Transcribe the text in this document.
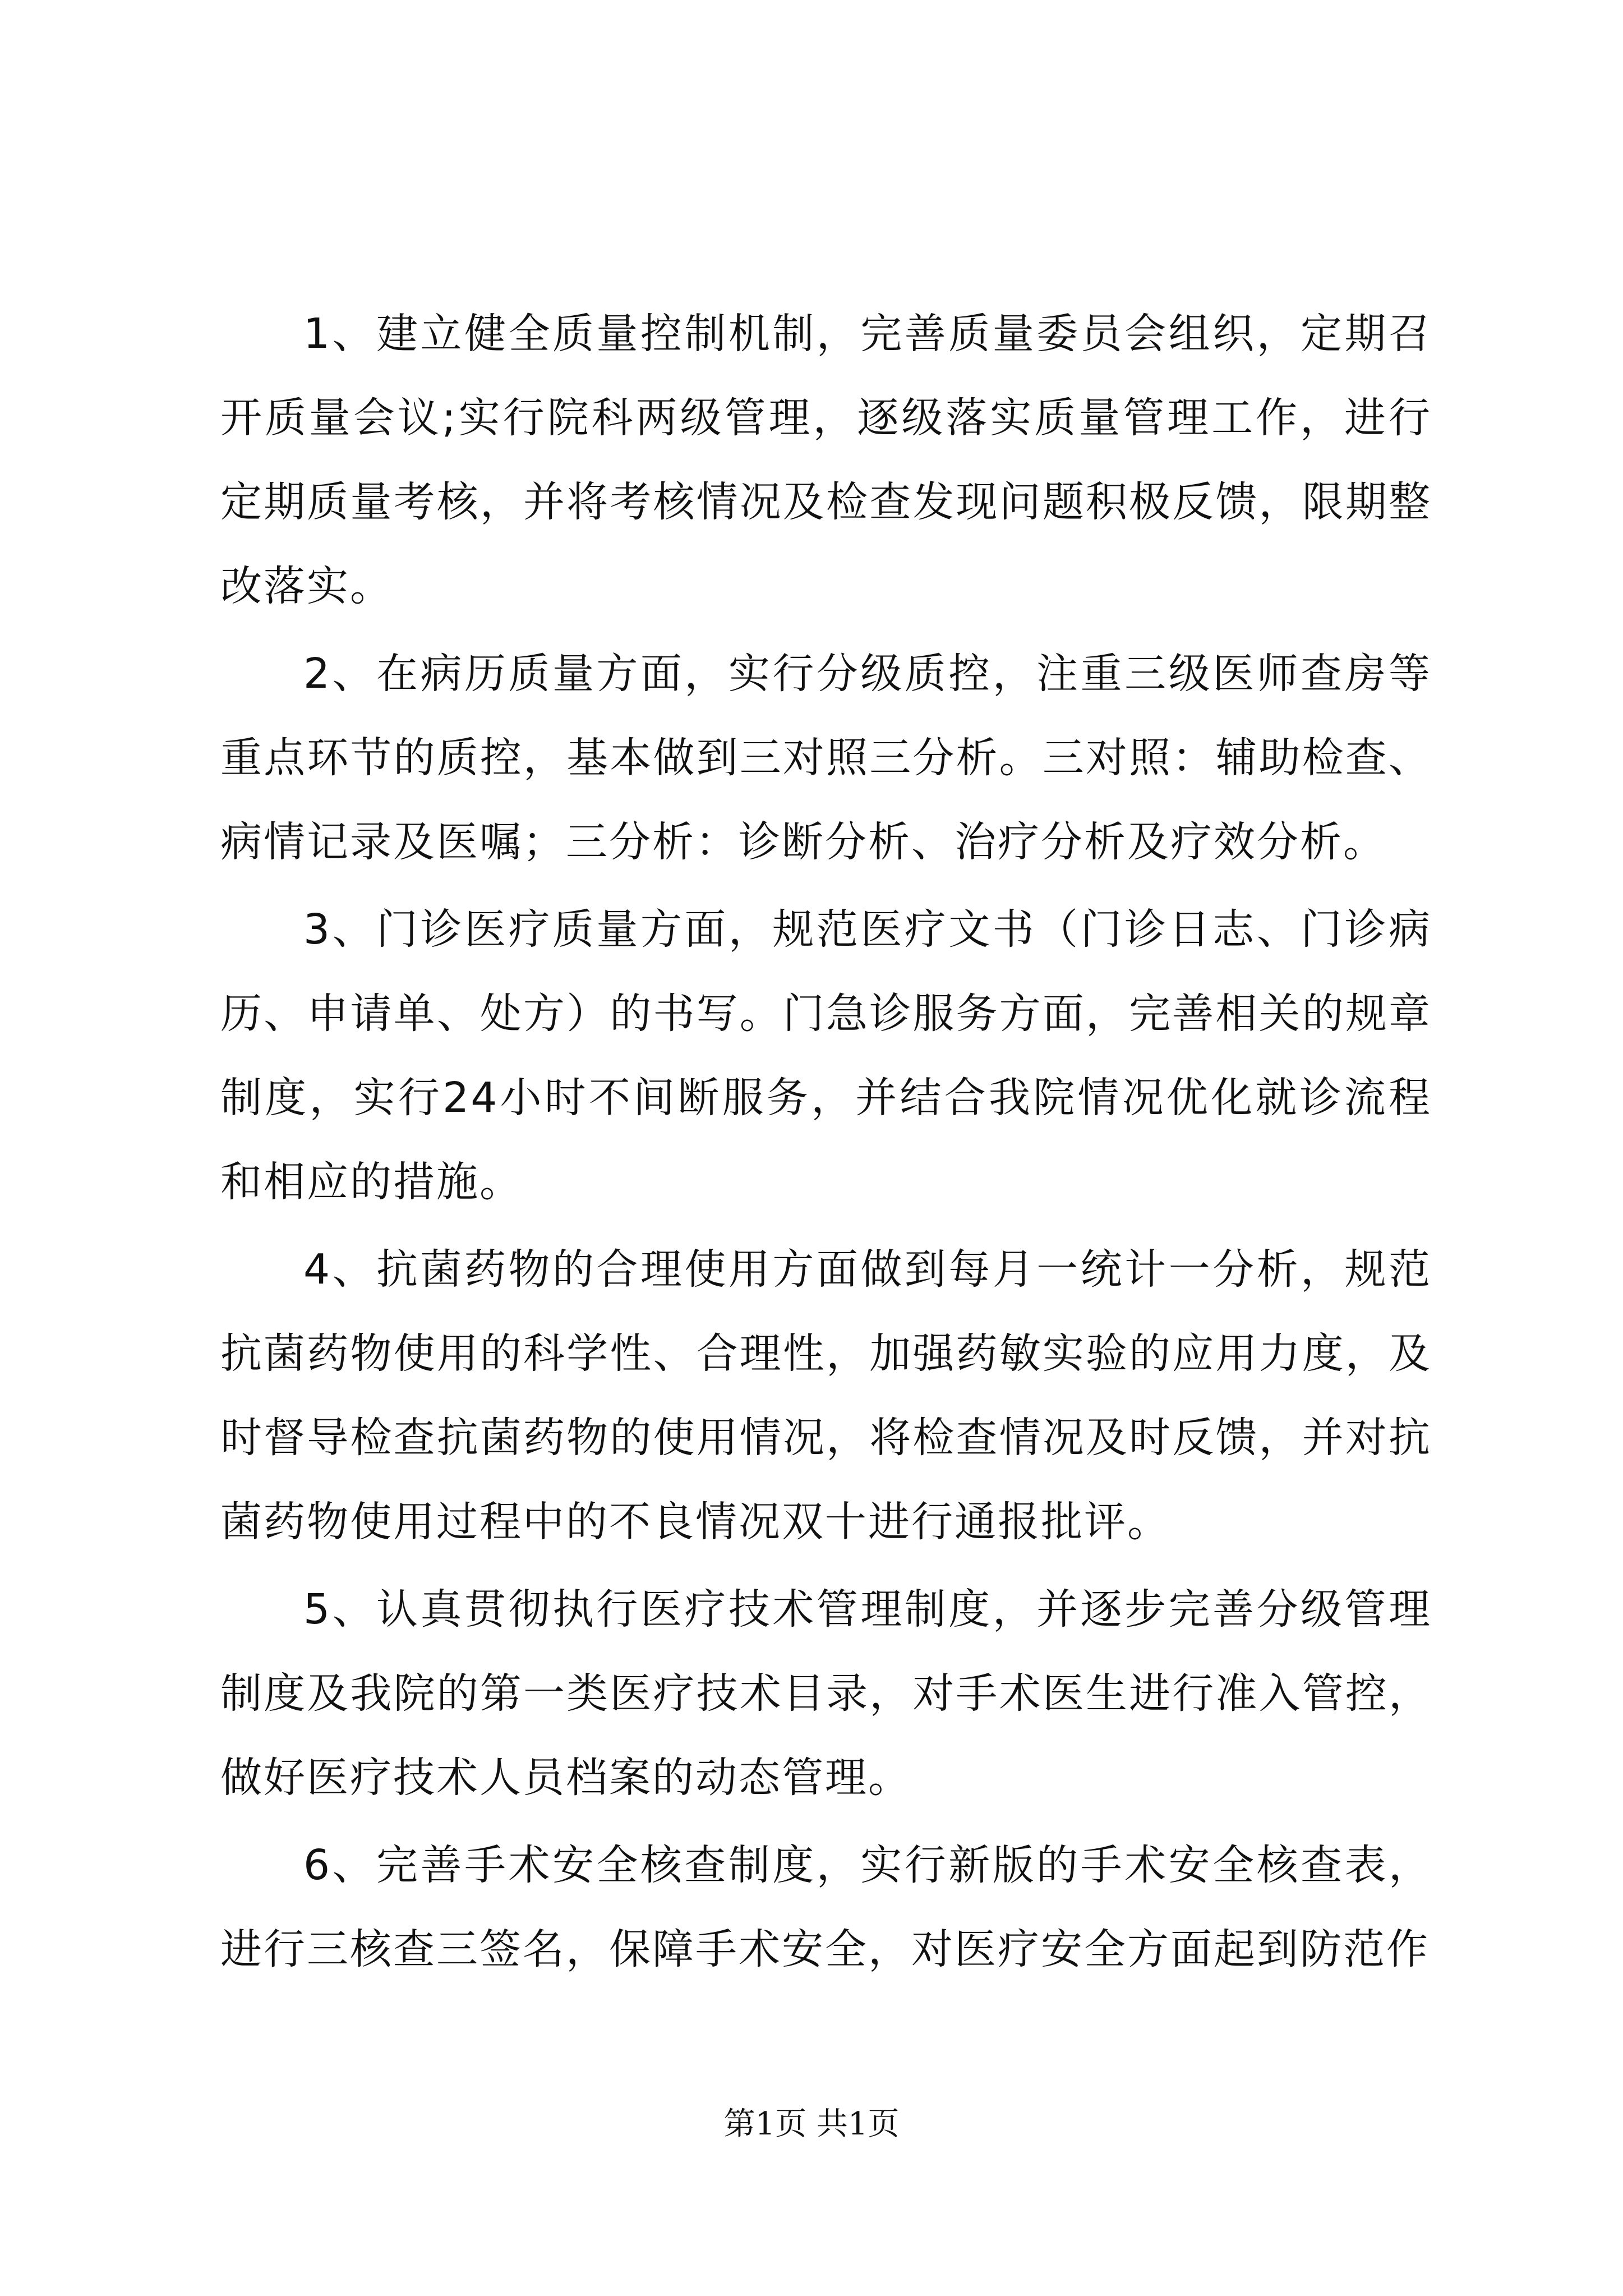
1、建立健全质量控制机制，完善质量委员会组织，定期召开质量会议;实行院科两级管理，逐级落实质量管理工作，进行定期质量考核，并将考核情况及检查发现问题积极反馈，限期整改落实。

2、在病历质量方面，实行分级质控，注重三级医师查房等重点环节的质控，基本做到三对照三分析。三对照：辅助检查、病情记录及医嘱；三分析：诊断分析、治疗分析及疗效分析。

3、门诊医疗质量方面，规范医疗文书（门诊日志、门诊病历、申请单、处方）的书写。门急诊服务方面，完善相关的规章制度，实行24小时不间断服务，并结合我院情况优化就诊流程和相应的措施。

4、抗菌药物的合理使用方面做到每月一统计一分析，规范抗菌药物使用的科学性、合理性，加强药敏实验的应用力度，及时督导检查抗菌药物的使用情况，将检查情况及时反馈，并对抗菌药物使用过程中的不良情况双十进行通报批评。

5、认真贯彻执行医疗技术管理制度，并逐步完善分级管理制度及我院的第一类医疗技术目录，对手术医生进行准入管控，做好医疗技术人员档案的动态管理。

6、完善手术安全核查制度，实行新版的手术安全核查表，进行三核查三签名，保障手术安全，对医疗安全方面起到防范作

第1页 共1页
